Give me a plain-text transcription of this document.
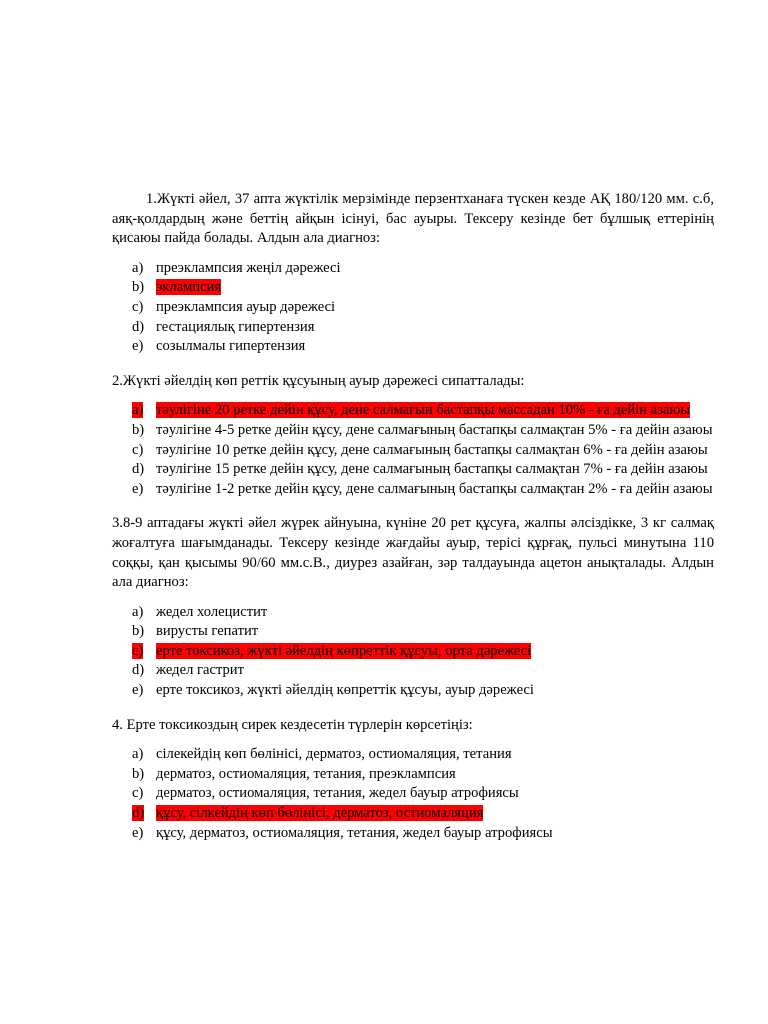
1.Жүкті әйел, 37 апта жүктілік мерзімінде перзентханаға түскен кезде АҚ 180/120 мм. с.б, аяқ-қолдардың және беттің айқын ісінуі, бас ауыры. Тексеру кезінде бет бұлшық еттерінің қисаюы пайда болады. Алдын ала диагноз:

a) преэклампсия жеңіл дәрежесі
b) эклампсия
c) преэклампсия ауыр дәрежесі
d) гестациялық гипертензия
e) созылмалы гипертензия

2.Жүкті әйелдің көп реттік құсуының ауыр дәрежесі сипатталады:

a) тәулігіне 20 ретке дейін құсу, дене салмағын бастапқы массадан 10% - ға дейін азаюы
b) тәулігіне 4-5 ретке дейін құсу, дене салмағының бастапқы салмақтан 5% - ға дейін азаюы
c) тәулігіне 10 ретке дейін құсу, дене салмағының бастапқы салмақтан 6% - ға дейін азаюы
d) тәулігіне 15 ретке дейін құсу, дене салмағының бастапқы салмақтан 7% - ға дейін азаюы
e) тәулігіне 1-2 ретке дейін құсу, дене салмағының бастапқы салмақтан 2% - ға дейін азаюы

3.8-9 аптадағы жүкті әйел жүрек айнуына, күніне 20 рет құсуға, жалпы әлсіздікке, 3 кг салмақ жоғалтуға шағымданады. Тексеру кезінде жағдайы ауыр, терісі құрғақ, пульсі минутына 110 соққы, қан қысымы 90/60 мм.с.В., диурез азайған, зәр талдауында ацетон анықталады. Алдын ала диагноз:

a) жедел холецистит
b) вирусты гепатит
c) ерте токсикоз, жүкті әйелдің көпреттік құсуы, орта дәрежесі
d) жедел гастрит
e) ерте токсикоз, жүкті әйелдің көпреттік құсуы, ауыр дәрежесі

4. Ерте токсикоздың сирек кездесетін түрлерін көрсетіңіз:

a) сілекейдің көп бөлінісі, дерматоз, остиомаляция, тетания
b) дерматоз, остиомаляция, тетания, преэклампсия
c) дерматоз, остиомаляция, тетания, жедел бауыр атрофиясы
d) құсу, сілкейдің көп бөлінісі, дерматоз, остиомаляция
e) құсу, дерматоз, остиомаляция, тетания, жедел бауыр атрофиясы
